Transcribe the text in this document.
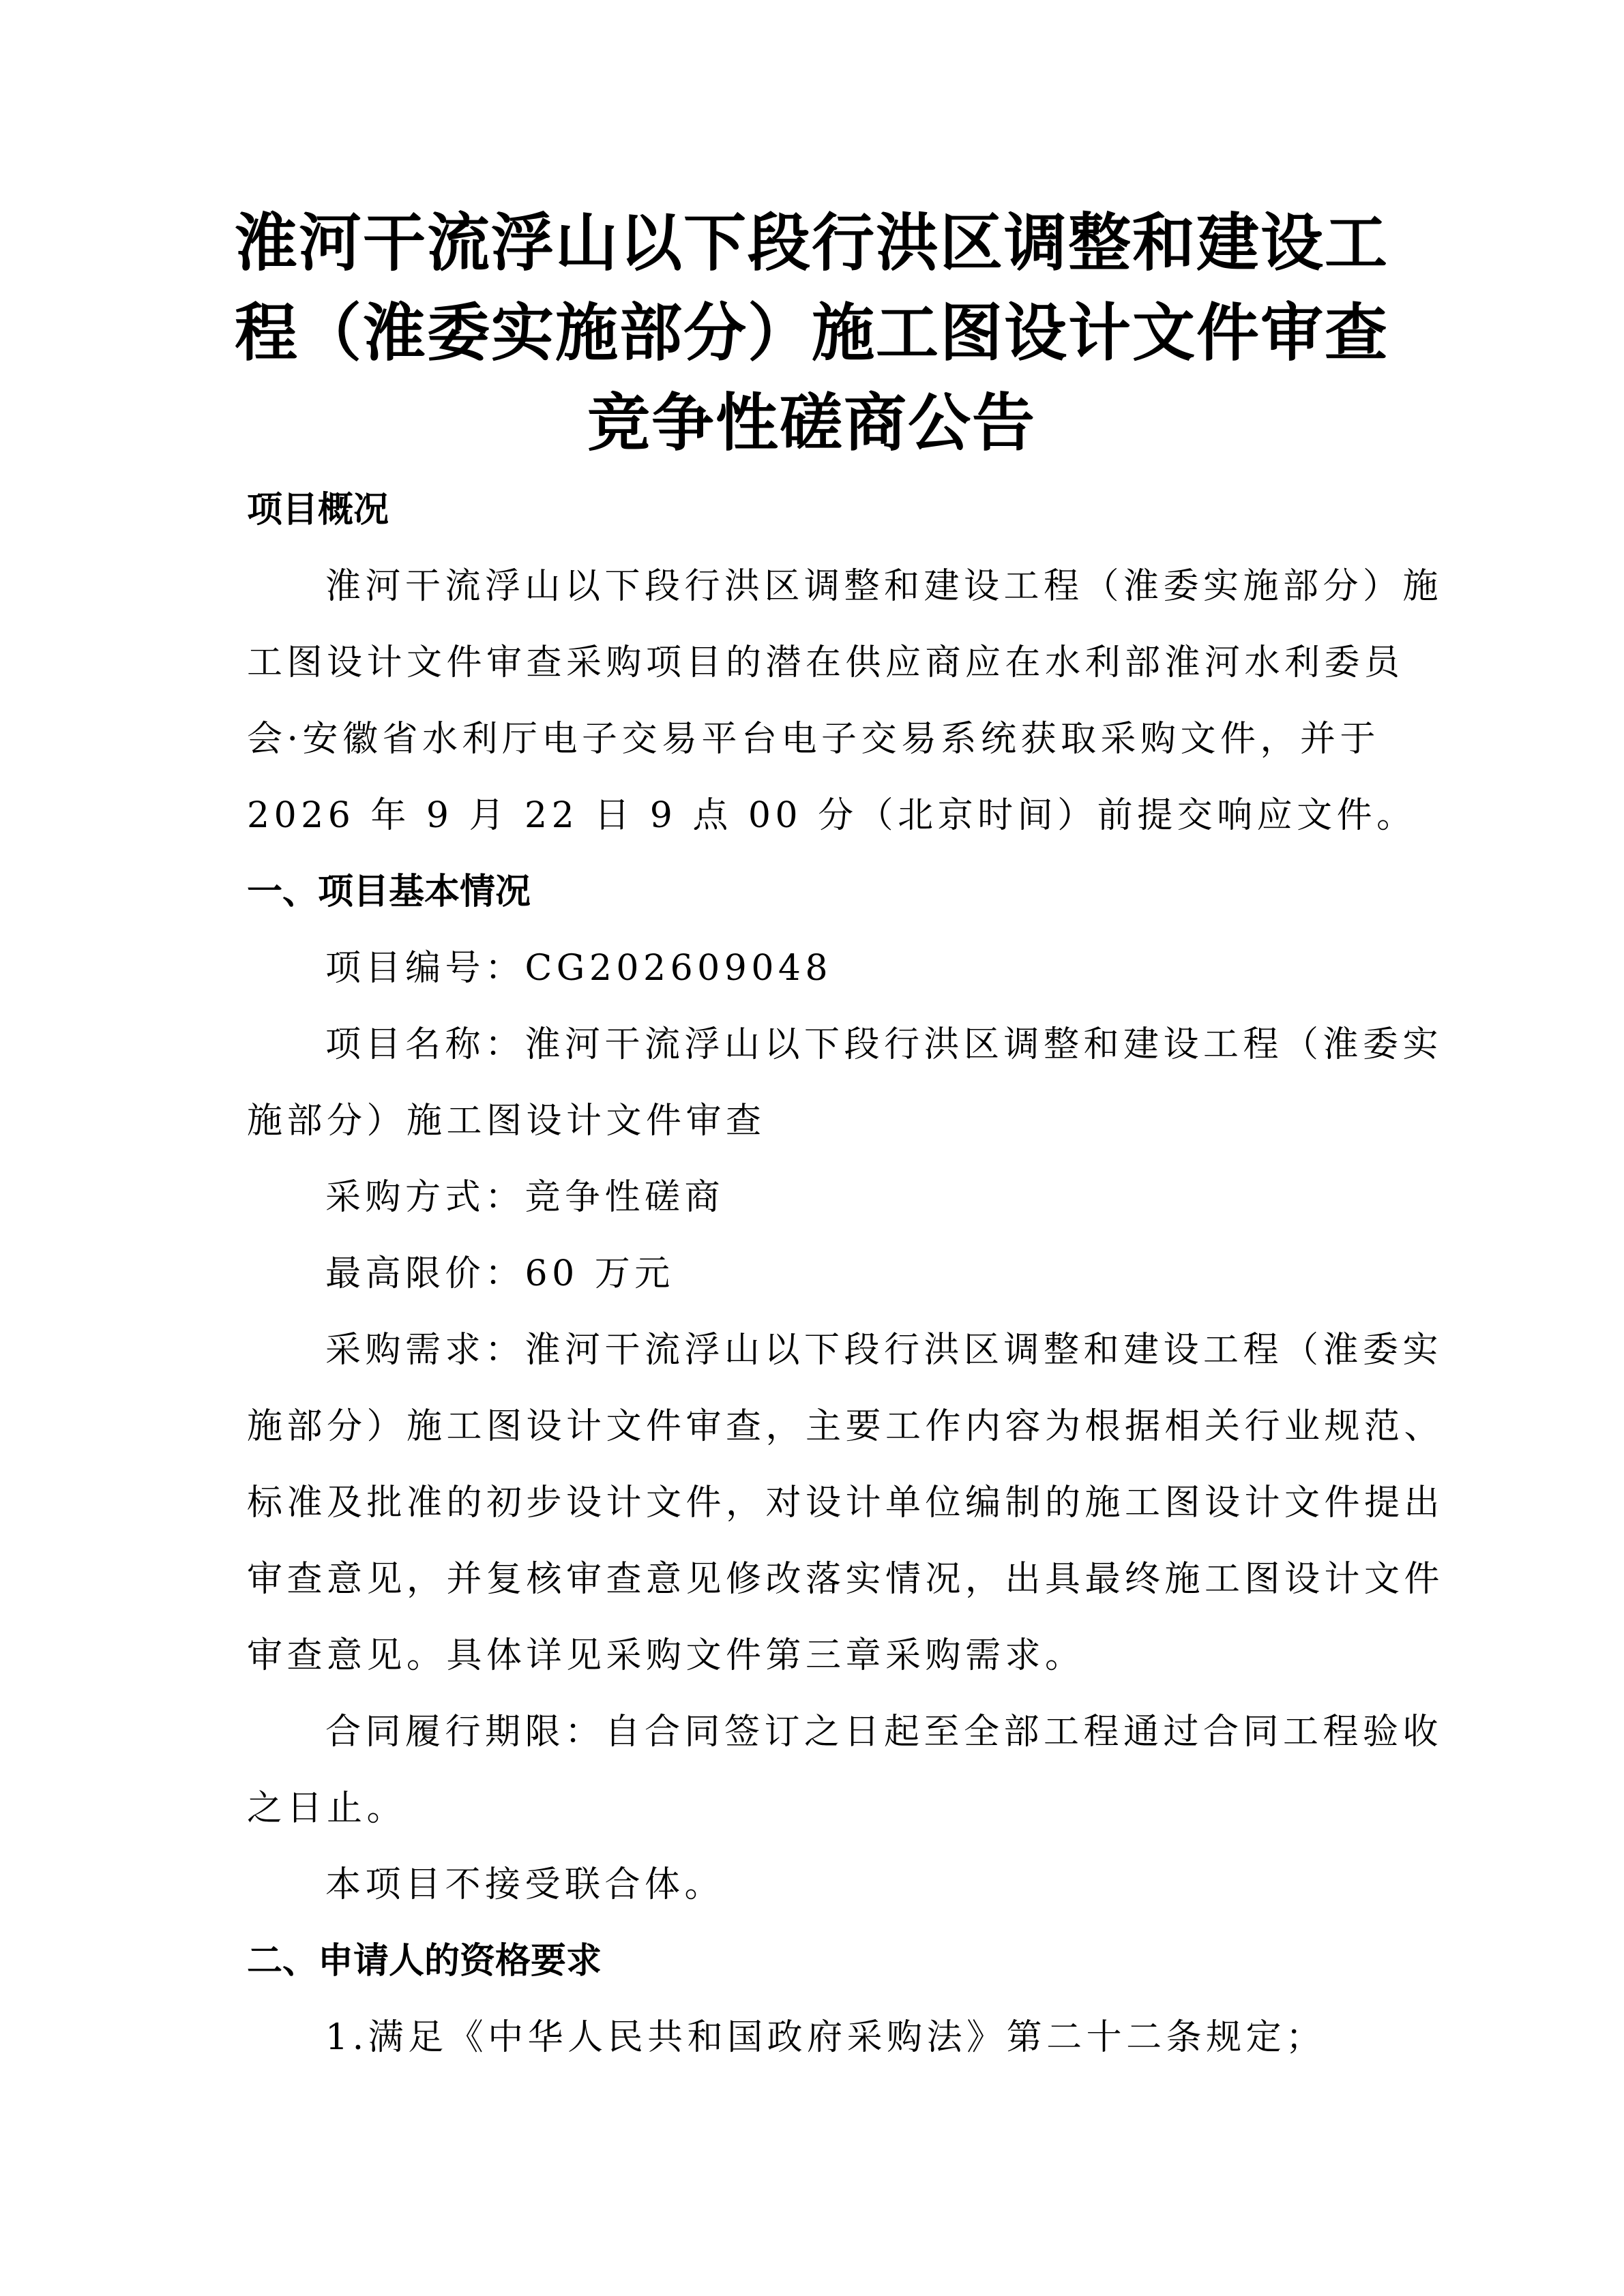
淮河干流浮山以下段行洪区调整和建设工
程（淮委实施部分）施工图设计文件审查
竞争性磋商公告
项目概况
淮河干流浮山以下段行洪区调整和建设工程（淮委实施部分）施
工图设计文件审查采购项目的潜在供应商应在水利部淮河水利委员
会·安徽省水利厅电子交易平台电子交易系统获取采购文件，并于
2026 年 9 月 22 日 9 点 00 分（北京时间）前提交响应文件。
一、项目基本情况
项目编号：CG202609048
项目名称：淮河干流浮山以下段行洪区调整和建设工程（淮委实
施部分）施工图设计文件审查
采购方式：竞争性磋商
最高限价：60 万元
采购需求：淮河干流浮山以下段行洪区调整和建设工程（淮委实
施部分）施工图设计文件审查，主要工作内容为根据相关行业规范、
标准及批准的初步设计文件，对设计单位编制的施工图设计文件提出
审查意见，并复核审查意见修改落实情况，出具最终施工图设计文件
审查意见。具体详见采购文件第三章采购需求。
合同履行期限：自合同签订之日起至全部工程通过合同工程验收
之日止。
本项目不接受联合体。
二、申请人的资格要求
1.满足《中华人民共和国政府采购法》第二十二条规定；
